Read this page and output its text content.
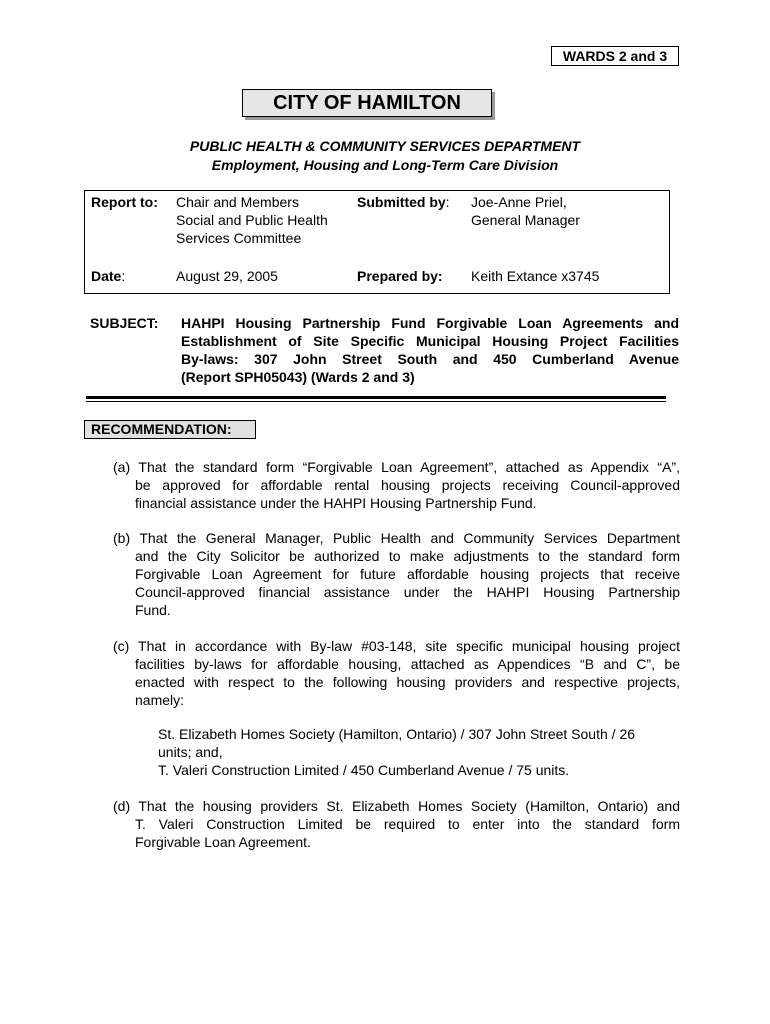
WARDS 2 and 3
CITY OF HAMILTON
PUBLIC HEALTH & COMMUNITY SERVICES DEPARTMENT
Employment, Housing and Long-Term Care Division
Report to: Chair and Members
Social and Public Health
Services Committee
Submitted by: Joe-Anne Priel,
General Manager
Date:	August 29, 2005	Prepared by: Keith Extance x3745
SUBJECT: HAHPI Housing Partnership Fund Forgivable Loan Agreements and
Establishment of Site Specific Municipal Housing Project Facilities
By-laws: 307 John Street South and 450 Cumberland Avenue
(Report SPH05043) (Wards 2 and 3)
RECOMMENDATION:
(a) That the standard form “Forgivable Loan Agreement”, attached as Appendix “A”,
be approved for affordable rental housing projects receiving Council-approved
financial assistance under the HAHPI Housing Partnership Fund.
(b) That the General Manager, Public Health and Community Services Department
and the City Solicitor be authorized to make adjustments to the standard form
Forgivable Loan Agreement for future affordable housing projects that receive
Council-approved financial assistance under the HAHPI Housing Partnership
Fund.
(c) That in accordance with By-law #03-148, site specific municipal housing project
facilities by-laws for affordable housing, attached as Appendices “B and C”, be
enacted with respect to the following housing providers and respective projects,
namely:
St. Elizabeth Homes Society (Hamilton, Ontario) / 307 John Street South / 26
units; and,
T. Valeri Construction Limited / 450 Cumberland Avenue / 75 units.
(d) That the housing providers St. Elizabeth Homes Society (Hamilton, Ontario) and
T. Valeri Construction Limited be required to enter into the standard form
Forgivable Loan Agreement.
